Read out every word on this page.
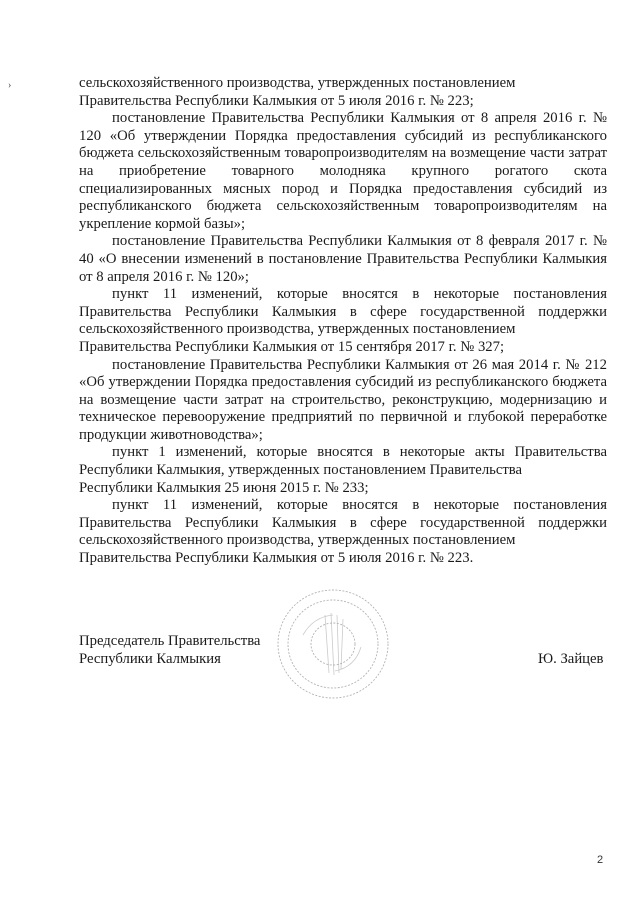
›	сельскохозяйственного производства, утвержденных постановлением
Правительства Республики Калмыкия от 5 июля 2016 г. № 223;

постановление Правительства Республики Калмыкия от 8 апреля 2016 г. № 120 «Об утверждении Порядка предоставления субсидий из республиканского бюджета сельскохозяйственным товаропроизводителям на возмещение части затрат на приобретение товарного молодняка крупного рогатого скота специализированных мясных пород и Порядка предоставления субсидий из республиканского бюджета сельскохозяйственным товаропроизводителям на укрепление кормой базы»;

постановление Правительства Республики Калмыкия от 8 февраля 2017 г. № 40 «О внесении изменений в постановление Правительства Республики Калмыкия от 8 апреля 2016 г. № 120»;

пункт 11 изменений, которые вносятся в некоторые постановления Правительства Республики Калмыкия в сфере государственной поддержки сельскохозяйственного производства, утвержденных постановлением
Правительства Республики Калмыкия от 15 сентября 2017 г. № 327;

постановление Правительства Республики Калмыкия от 26 мая 2014 г. № 212 «Об утверждении Порядка предоставления субсидий из республиканского бюджета на возмещение части затрат на строительство, реконструкцию, модернизацию и техническое перевооружение предприятий по первичной и глубокой переработке продукции животноводства»;

пункт 1 изменений, которые вносятся в некоторые акты Правительства Республики Калмыкия, утвержденных постановлением Правительства
Республики Калмыкия 25 июня 2015 г. № 233;

пункт 11 изменений, которые вносятся в некоторые постановления Правительства Республики Калмыкия в сфере государственной поддержки сельскохозяйственного производства, утвержденных постановлением
Правительства Республики Калмыкия от 5 июля 2016 г. № 223.

Председатель Правительства
Республики Калмыкия	Ю. Зайцев
2
